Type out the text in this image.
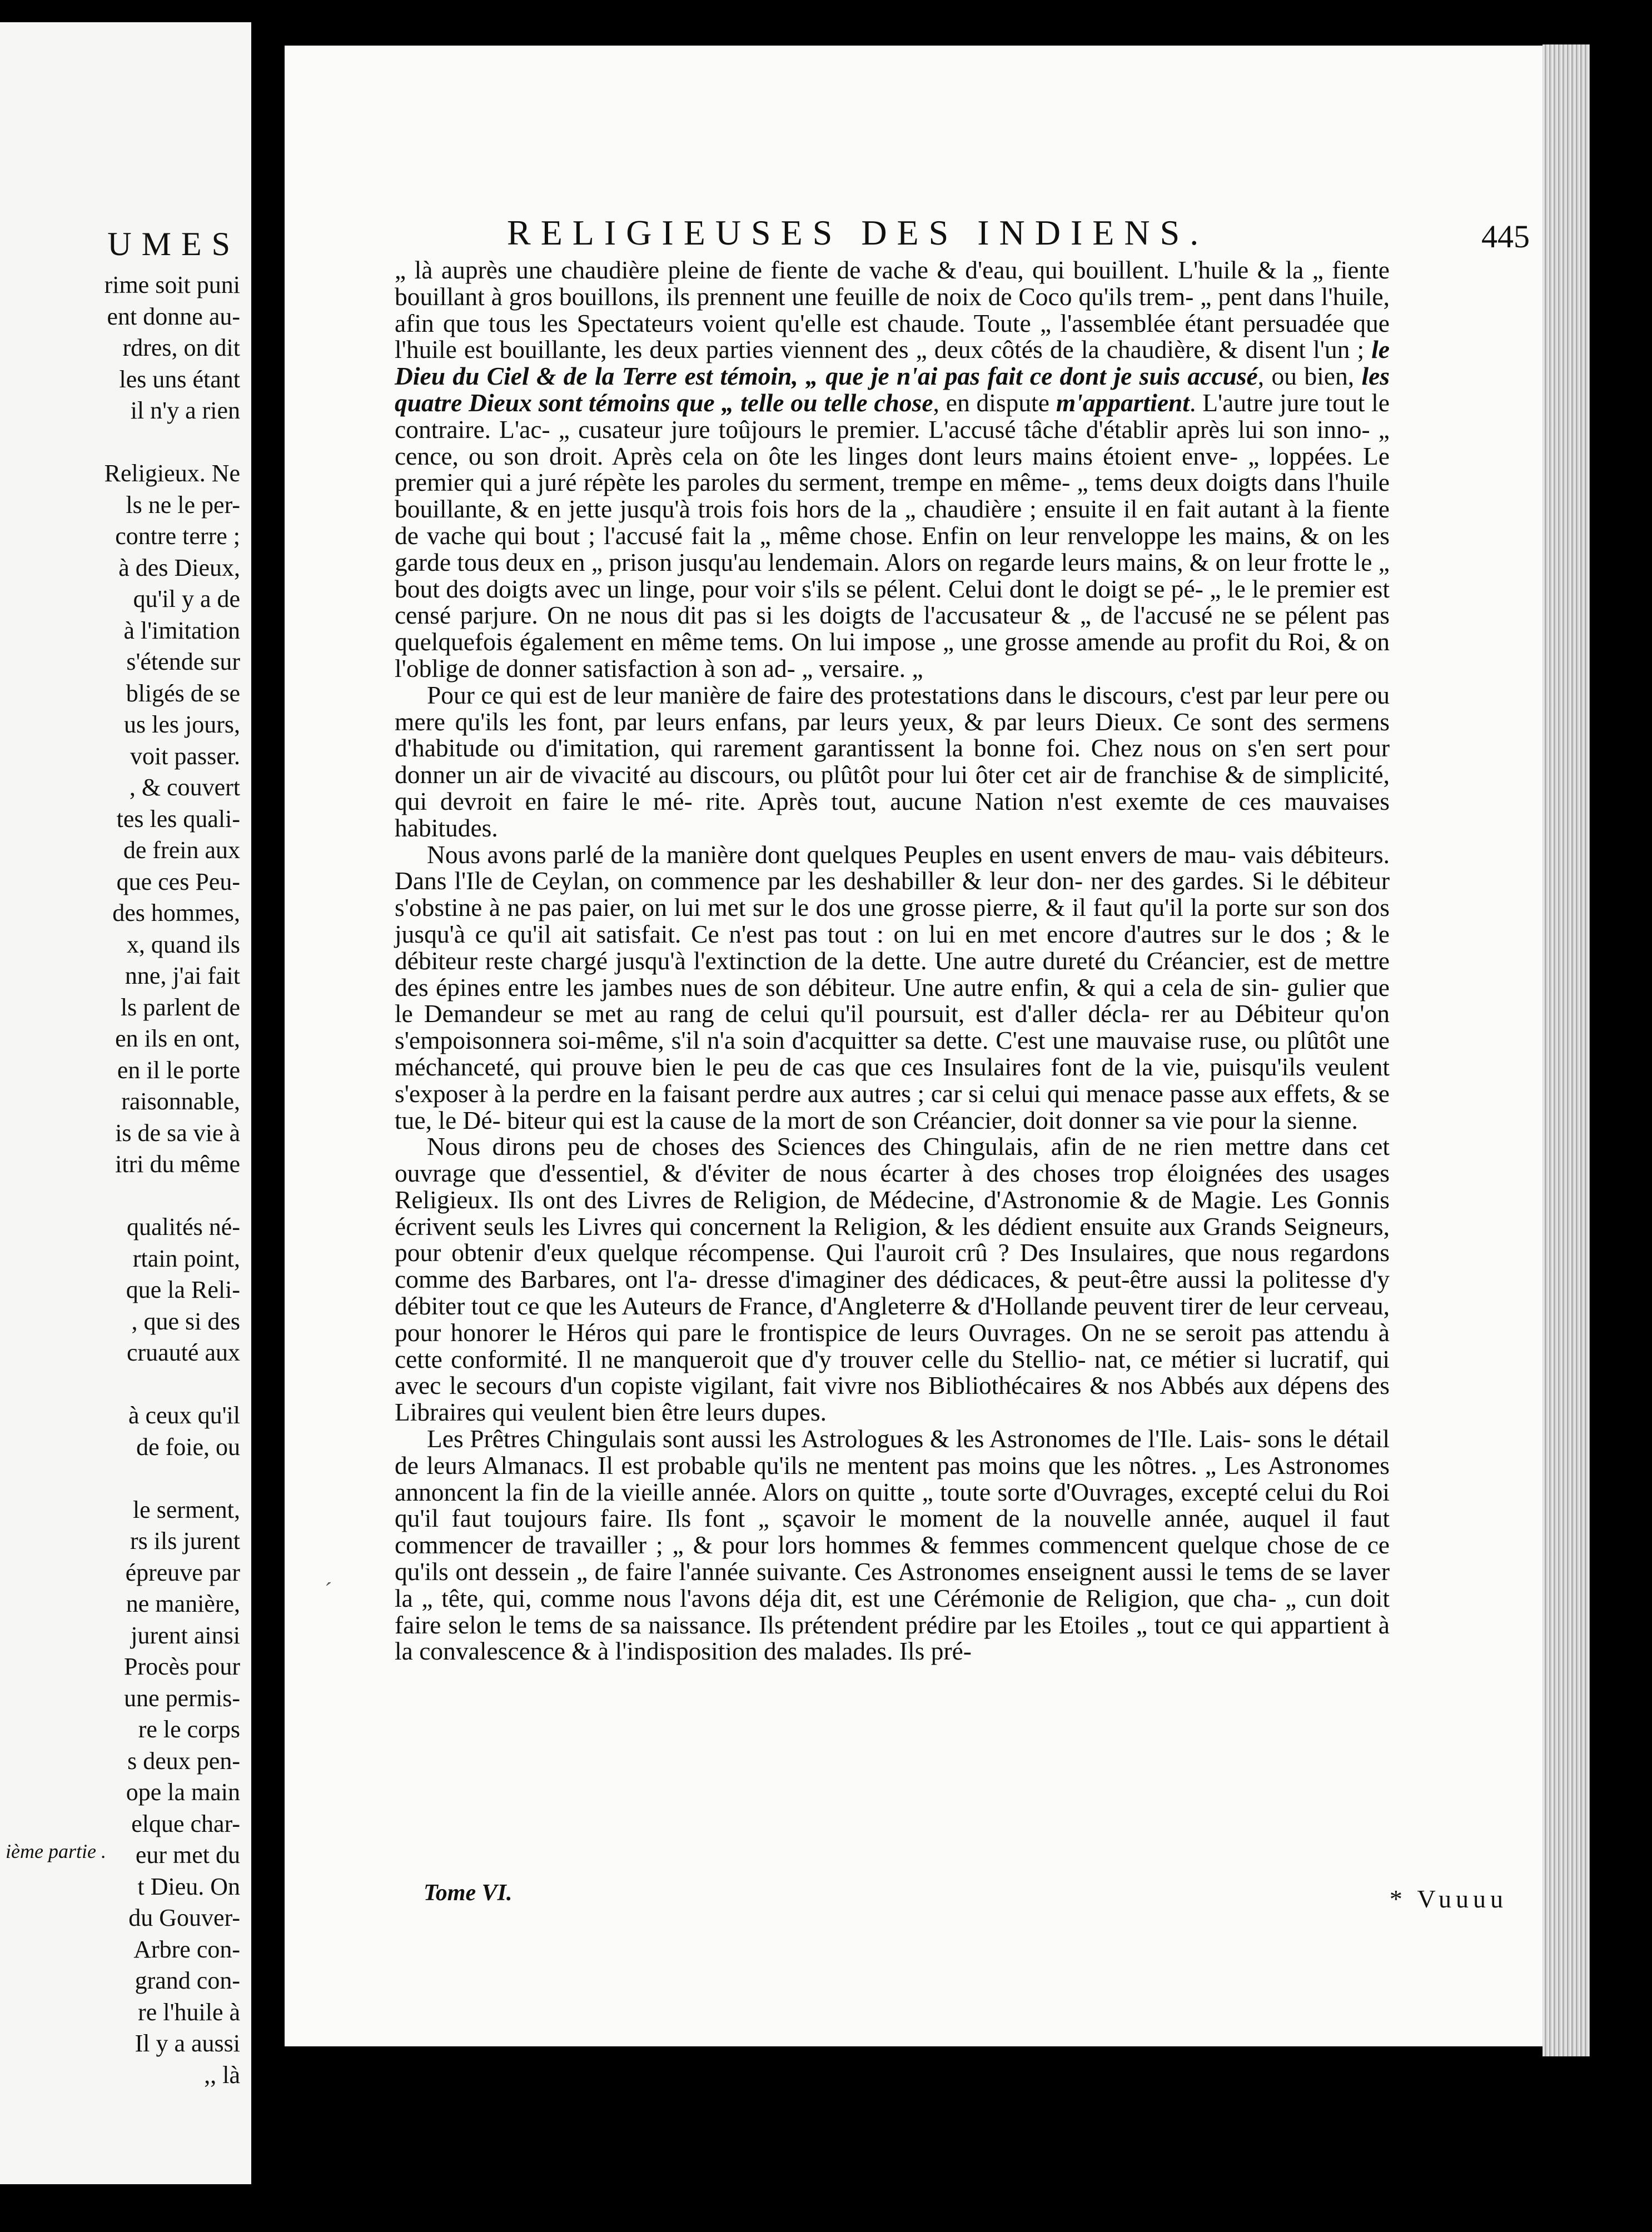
UMES
rime soit puni
ent donne au-
rdres, on dit
les uns étant
il n'y a rien
Religieux. Ne
ls ne le per-
contre terre ;
à des Dieux,
qu'il y a de
à l'imitation
s'étende sur
bligés de se
us les jours,
voit passer.
, & couvert
tes les quali-
de frein aux
que ces Peu-
des hommes,
x, quand ils
nne, j'ai fait
ls parlent de
en ils en ont,
en il le porte
raisonnable,
is de sa vie à
itri du même
qualités né-
rtain point,
que la Reli-
, que si des
cruauté aux
à ceux qu'il
de foie, ou
le serment,
rs ils jurent
épreuve par
ne manière,
jurent ainsi
Procès pour
une permis-
re le corps
s deux pen-
ope la main
elque char-
eur met du
t Dieu. On
du Gouver-
Arbre con-
grand con-
re l'huile à
Il y a aussi
,, là
ième partie .
RELIGIEUSES DES INDIENS.	445

„ là auprès une chaudière pleine de fiente de vache & d'eau, qui bouillent. L'huile & la „ fiente bouillant à gros bouillons, ils prennent une feuille de noix de Coco qu'ils trem- „ pent dans l'huile, afin que tous les Spectateurs voient qu'elle est chaude. Toute „ l'assemblée étant persuadée que l'huile est bouillante, les deux parties viennent des „ deux côtés de la chaudière, & disent l'un ; le Dieu du Ciel & de la Terre est témoin, „ que je n'ai pas fait ce dont je suis accusé, ou bien, les quatre Dieux sont témoins que „ telle ou telle chose, en dispute m'appartient. L'autre jure tout le contraire. L'ac- „ cusateur jure toûjours le premier. L'accusé tâche d'établir après lui son inno- „ cence, ou son droit. Après cela on ôte les linges dont leurs mains étoient enve- „ loppées. Le premier qui a juré répète les paroles du serment, trempe en même- „ tems deux doigts dans l'huile bouillante, & en jette jusqu'à trois fois hors de la „ chaudière ; ensuite il en fait autant à la fiente de vache qui bout ; l'accusé fait la „ même chose. Enfin on leur renveloppe les mains, & on les garde tous deux en „ prison jusqu'au lendemain. Alors on regarde leurs mains, & on leur frotte le „ bout des doigts avec un linge, pour voir s'ils se pélent. Celui dont le doigt se pé- „ le le premier est censé parjure. On ne nous dit pas si les doigts de l'accusateur & „ de l'accusé ne se pélent pas quelquefois également en même tems. On lui impose „ une grosse amende au profit du Roi, & on l'oblige de donner satisfaction à son ad- „ versaire. „

Pour ce qui est de leur manière de faire des protestations dans le discours, c'est par leur pere ou mere qu'ils les font, par leurs enfans, par leurs yeux, & par leurs Dieux. Ce sont des sermens d'habitude ou d'imitation, qui rarement garantissent la bonne foi. Chez nous on s'en sert pour donner un air de vivacité au discours, ou plûtôt pour lui ôter cet air de franchise & de simplicité, qui devroit en faire le mé- rite. Après tout, aucune Nation n'est exemte de ces mauvaises habitudes.

Nous avons parlé de la manière dont quelques Peuples en usent envers de mau- vais débiteurs. Dans l'Ile de Ceylan, on commence par les deshabiller & leur don- ner des gardes. Si le débiteur s'obstine à ne pas paier, on lui met sur le dos une grosse pierre, & il faut qu'il la porte sur son dos jusqu'à ce qu'il ait satisfait. Ce n'est pas tout : on lui en met encore d'autres sur le dos ; & le débiteur reste chargé jusqu'à l'extinction de la dette. Une autre dureté du Créancier, est de mettre des épines entre les jambes nues de son débiteur. Une autre enfin, & qui a cela de sin- gulier que le Demandeur se met au rang de celui qu'il poursuit, est d'aller décla- rer au Débiteur qu'on s'empoisonnera soi-même, s'il n'a soin d'acquitter sa dette. C'est une mauvaise ruse, ou plûtôt une méchanceté, qui prouve bien le peu de cas que ces Insulaires font de la vie, puisqu'ils veulent s'exposer à la perdre en la faisant perdre aux autres ; car si celui qui menace passe aux effets, & se tue, le Dé- biteur qui est la cause de la mort de son Créancier, doit donner sa vie pour la sienne.

Nous dirons peu de choses des Sciences des Chingulais, afin de ne rien mettre dans cet ouvrage que d'essentiel, & d'éviter de nous écarter à des choses trop éloignées des usages Religieux. Ils ont des Livres de Religion, de Médecine, d'Astronomie & de Magie. Les Gonnis écrivent seuls les Livres qui concernent la Religion, & les dédient ensuite aux Grands Seigneurs, pour obtenir d'eux quelque récompense. Qui l'auroit crû ? Des Insulaires, que nous regardons comme des Barbares, ont l'a- dresse d'imaginer des dédicaces, & peut-être aussi la politesse d'y débiter tout ce que les Auteurs de France, d'Angleterre & d'Hollande peuvent tirer de leur cerveau, pour honorer le Héros qui pare le frontispice de leurs Ouvrages. On ne se seroit pas attendu à cette conformité. Il ne manqueroit que d'y trouver celle du Stellio- nat, ce métier si lucratif, qui avec le secours d'un copiste vigilant, fait vivre nos Bibliothécaires & nos Abbés aux dépens des Libraires qui veulent bien être leurs dupes.

Les Prêtres Chingulais sont aussi les Astrologues & les Astronomes de l'Ile. Lais- sons le détail de leurs Almanacs. Il est probable qu'ils ne mentent pas moins que les nôtres. „ Les Astronomes annoncent la fin de la vieille année. Alors on quitte „ toute sorte d'Ouvrages, excepté celui du Roi qu'il faut toujours faire. Ils font „ sçavoir le moment de la nouvelle année, auquel il faut commencer de travailler ; „ & pour lors hommes & femmes commencent quelque chose de ce qu'ils ont dessein „ de faire l'année suivante. Ces Astronomes enseignent aussi le tems de se laver la „ tête, qui, comme nous l'avons déja dit, est une Cérémonie de Religion, que cha- „ cun doit faire selon le tems de sa naissance. Ils prétendent prédire par les Etoiles „ tout ce qui appartient à la convalescence & à l'indisposition des malades. Ils pré-

ˊ
Tome VI.	* Vuuuu
